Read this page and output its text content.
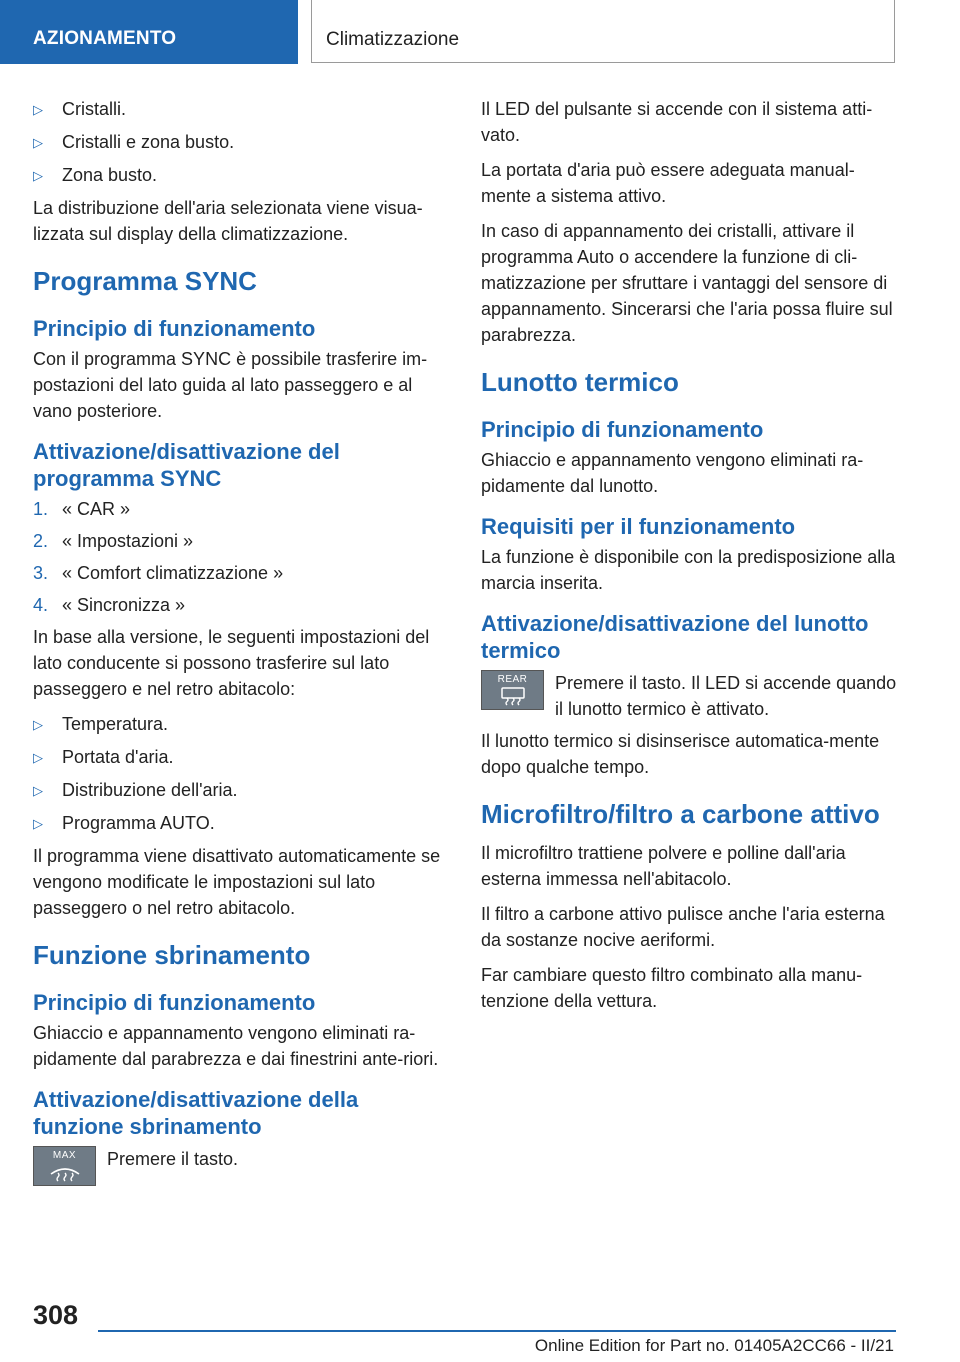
AZIONAMENTO	Climatizzazione
▷	Cristalli.
▷	Cristalli e zona busto.
▷	Zona busto.

La distribuzione dell'aria selezionata viene visua-lizzata sul display della climatizzazione.

Programma SYNC
Principio di funzionamento

Con il programma SYNC è possibile trasferire im-postazioni del lato guida al lato passeggero e al vano posteriore.

Attivazione/disattivazione del programma SYNC
1. « CAR »
2. « Impostazioni »
3. « Comfort climatizzazione »
4. « Sincronizza »

In base alla versione, le seguenti impostazioni del lato conducente si possono trasferire sul lato passeggero e nel retro abitacolo:

▷	Temperatura.
▷	Portata d'aria.
▷	Distribuzione dell'aria.
▷	Programma AUTO.

Il programma viene disattivato automaticamente se vengono modificate le impostazioni sul lato passeggero o nel retro abitacolo.

Funzione sbrinamento
Principio di funzionamento

Ghiaccio e appannamento vengono eliminati ra-pidamente dal parabrezza e dai finestrini ante-riori.

Attivazione/disattivazione della funzione sbrinamento
MAX	Premere il tasto.

Il LED del pulsante si accende con il sistema atti-vato.

La portata d'aria può essere adeguata manual-mente a sistema attivo.

In caso di appannamento dei cristalli, attivare il programma Auto o accendere la funzione di cli-matizzazione per sfruttare i vantaggi del sensore di appannamento. Sincerarsi che l'aria possa fluire sul parabrezza.

Lunotto termico
Principio di funzionamento

Ghiaccio e appannamento vengono eliminati ra-pidamente dal lunotto.

Requisiti per il funzionamento

La funzione è disponibile con la predisposizione alla marcia inserita.

Attivazione/disattivazione del lunotto termico
REAR	Premere il tasto. Il LED si accende quando il lunotto termico è attivato.

Il lunotto termico si disinserisce automatica-mente dopo qualche tempo.

Microfiltro/filtro a carbone attivo

Il microfiltro trattiene polvere e polline dall'aria esterna immessa nell'abitacolo.

Il filtro a carbone attivo pulisce anche l'aria esterna da sostanze nocive aeriformi.

Far cambiare questo filtro combinato alla manu-tenzione della vettura.

308
Online Edition for Part no. 01405A2CC66 - II/21
